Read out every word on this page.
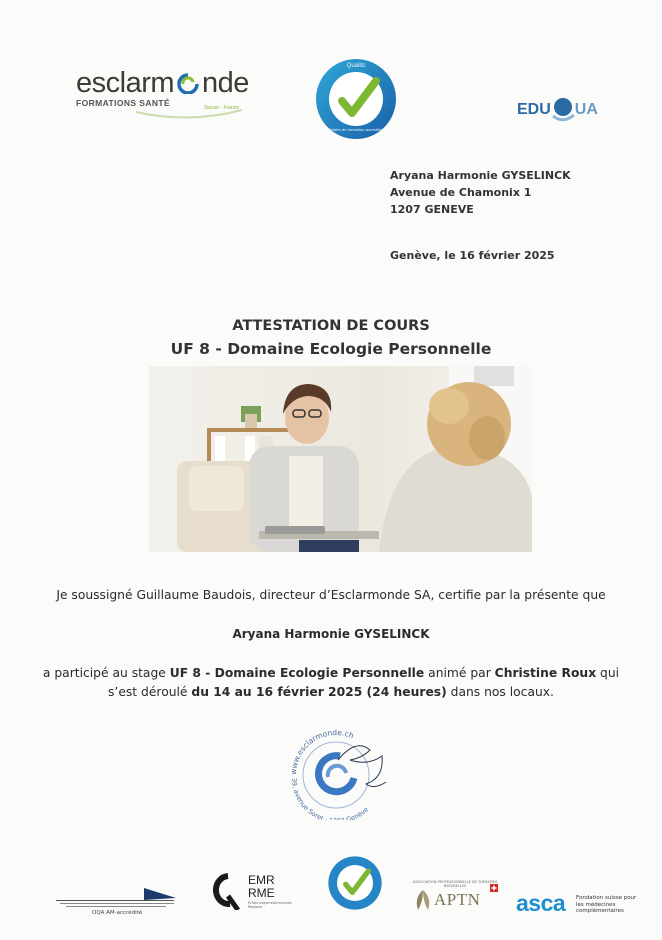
esclarm nde
FORMATIONS SANTÉ	Suisse - France
Qualitc
Fédéré de formation accréditée
EDU UA
Aryana Harmonie GYSELINCK
Avenue de Chamonix 1
1207 GENEVE
Genève, le 16 février 2025
ATTESTATION DE COURS
UF 8 - Domaine Ecologie Personnelle
Je soussigné Guillaume Baudois, directeur d’Esclarmonde SA, certifie par la présente que
Aryana Harmonie GYSELINCK
a participé au stage UF 8 - Domaine Ecologie Personnelle animé par Christine Roux qui
s’est déroulé du 14 au 16 février 2025 (24 heures) dans nos locaux.
www.esclarmonde.ch
39, avenue Soret · Genève
OQA AM-accrédité
EMR
RME
Erfahrungsmedizinisches Register
ASSOCIATION PROFESSIONNELLE DE THÉRAPIES NATURELLES
APTN asca Fondation suisse pour les médecines complémentaires
